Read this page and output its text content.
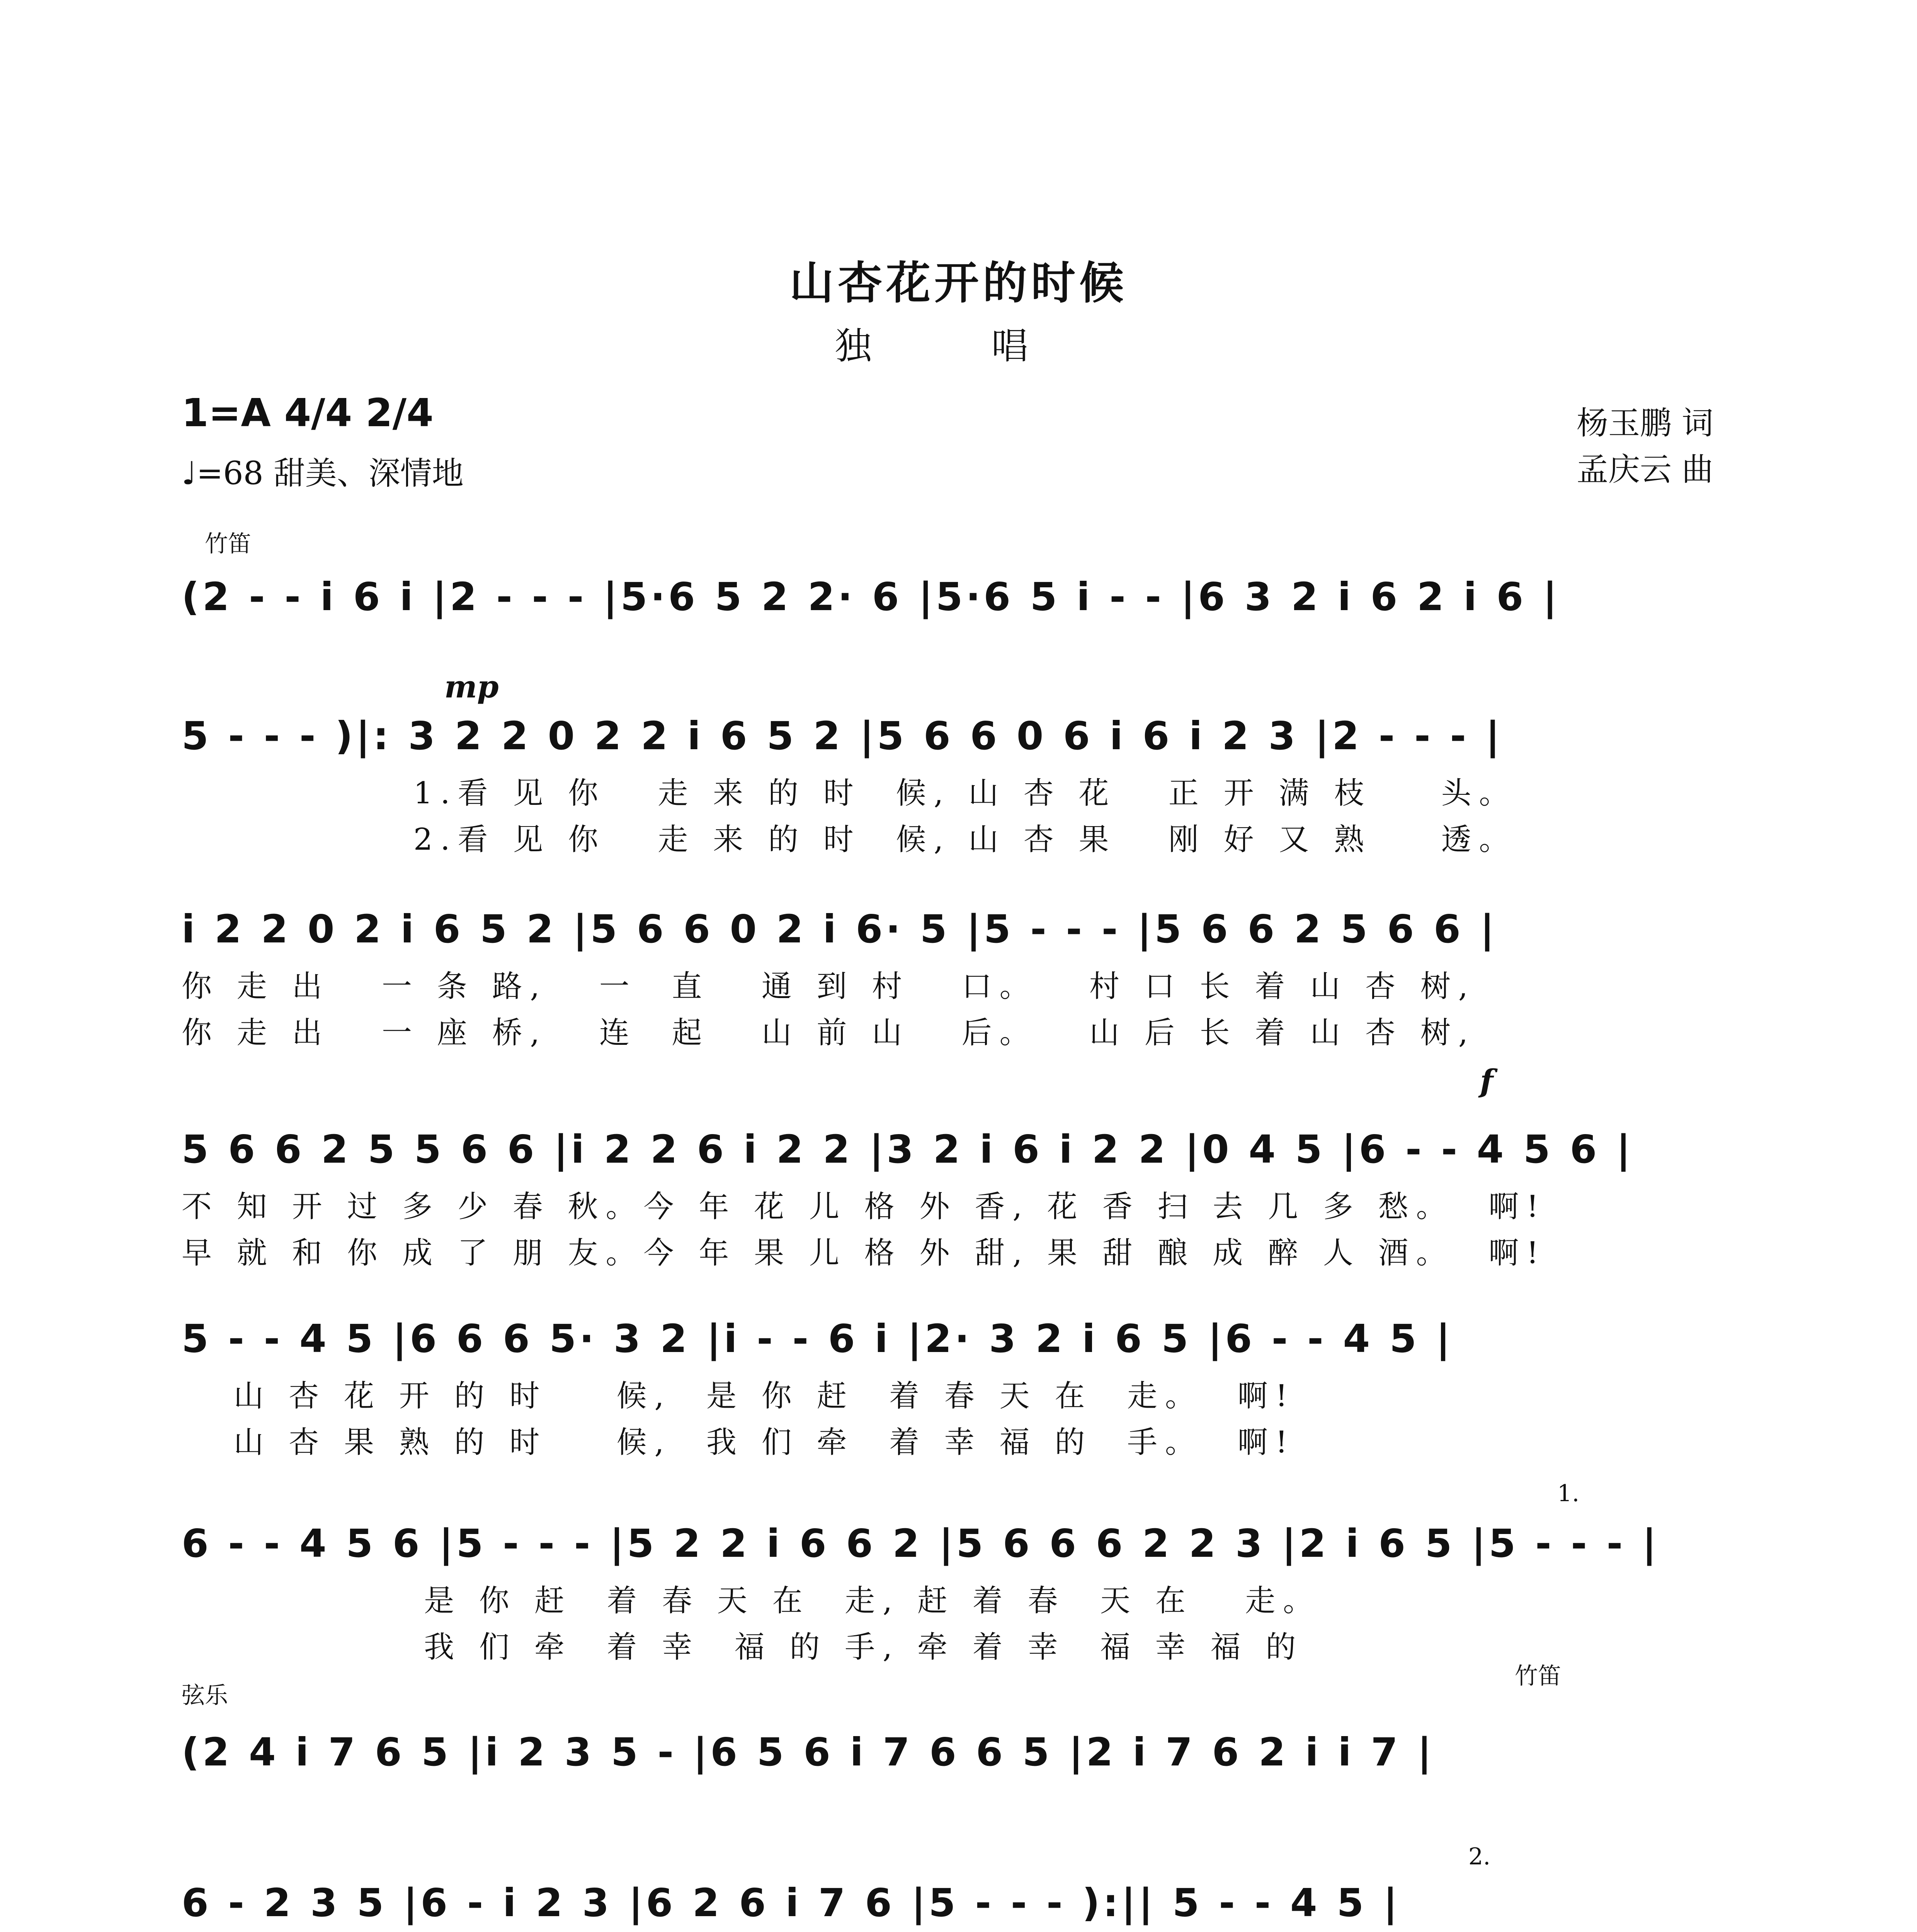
山杏花开的时候
独 唱
1=A 4/4 2/4
♩=68 甜美、深情地
杨玉鹏 词
孟庆云 曲
竹笛
(2 - - i 6 i |2 - - - |5·6 5 2 2· 6 |5·6 5 i - - |6 3 2 i 6 2 i 6 |
mp
5 - - - )|: 3 2 2 0 2 2 i 6 5 2 |5 6 6 0 6 i 6 i 2 3 |2 - - - |
1.看 见 你   走 来 的 时  候, 山 杏 花   正 开 满 枝    头。
2.看 见 你   走 来 的 时  候, 山 杏 果   刚 好 又 熟    透。
i 2 2 0 2 i 6 5 2 |5 6 6 0 2 i 6· 5 |5 - - - |5 6 6 2 5 6 6 |
你 走 出   一 条 路,   一  直   通 到 村   口。   村 口 长 着 山 杏 树,
你 走 出   一 座 桥,   连  起   山 前 山   后。   山 后 长 着 山 杏 树,
f
5 6 6 2 5 5 6 6 |i 2 2 6 i 2 2 |3 2 i 6 i 2 2 |0 4 5 |6 - - 4 5 6 |
不 知 开 过 多 少 春 秋。今 年 花 儿 格 外 香, 花 香 扫 去 几 多 愁。  啊!
早 就 和 你 成 了 朋 友。今 年 果 儿 格 外 甜, 果 甜 酿 成 醉 人 酒。  啊!
5 - - 4 5 |6 6 6 5· 3 2 |i - - 6 i |2· 3 2 i 6 5 |6 - - 4 5 |
山 杏 花 开 的 时    候,  是 你 赶  着 春 天 在  走。  啊!
山 杏 果 熟 的 时    候,  我 们 牵  着 幸 福 的  手。  啊!
1.
6 - - 4 5 6 |5 - - - |5 2 2 i 6 6 2 |5 6 6 6 2 2 3 |2 i 6 5 |5 - - - |
是 你 赶  着 春 天 在  走, 赶 着 春  天 在   走。
我 们 牵  着 幸  福 的 手, 牵 着 幸  福 幸 福 的
弦乐
竹笛
(2 4 i 7 6 5 |i 2 3 5 - |6 5 6 i 7 6 6 5 |2 i 7 6 2 i i 7 |
2.
6 - 2 3 5 |6 - i 2 3 |6 2 6 i 7 6 |5 - - - ):|| 5 - - 4 5 |
